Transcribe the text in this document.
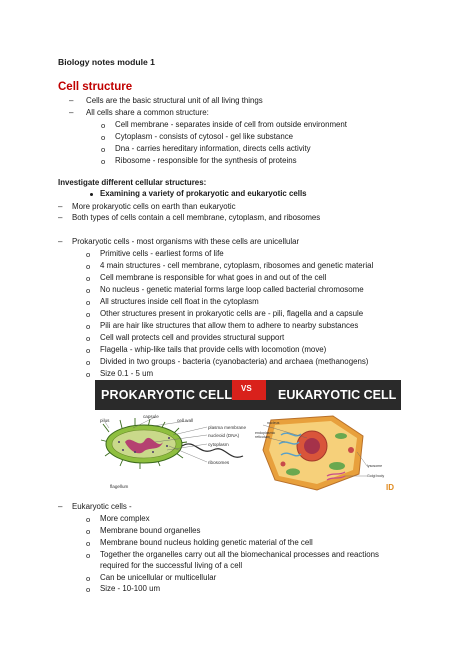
Biology notes module 1
Cell structure
– Cells are the basic structural unit of all living things
– All cells share a common structure:
o Cell membrane - separates inside of cell from outside environment
o Cytoplasm - consists of cytosol - gel like substance
o Dna - carries hereditary information, directs cells activity
o Ribosome - responsible for the synthesis of proteins
Investigate different cellular structures:
Examining a variety of prokaryotic and eukaryotic cells
– More prokaryotic cells on earth than eukaryotic
– Both types of cells contain a cell membrane, cytoplasm, and ribosomes
– Prokaryotic cells - most organisms with these cells are unicellular
o Primitive cells - earliest forms of life
o 4 main structures - cell membrane, cytoplasm, ribosomes and genetic material
o Cell membrane is responsible for what goes in and out of the cell
o No nucleus - genetic material forms large loop called bacterial chromosome
o All structures inside cell float in the cytoplasm
o Other structures present in prokaryotic cells are - pili, flagella and a capsule
o Pili are hair like structures that allow them to adhere to nearby substances
o Cell wall protects cell and provides structural support
o Flagella - whip-like tails that provide cells with locomotion (move)
o Divided in two groups - bacteria (cyanobacteria) and archaea (methanogens)
o Size 0.1 - 5 um
PROKARYOTIC CELL VS EUKARYOTIC CELL
capsule
cell wall
pilus
plasma membrane
nucleoid (DNA)
cytoplasm
ribosomes
flagellum
nucleus
endoplasmic reticulum
lysosome
Golgi body
ID
– Eukaryotic cells -
o More complex
o Membrane bound organelles
o Membrane bound nucleus holding genetic material of the cell
o Together the organelles carry out all the biomechanical processes and reactions
required for the successful living of a cell
o Can be unicellular or multicellular
o Size - 10-100 um
